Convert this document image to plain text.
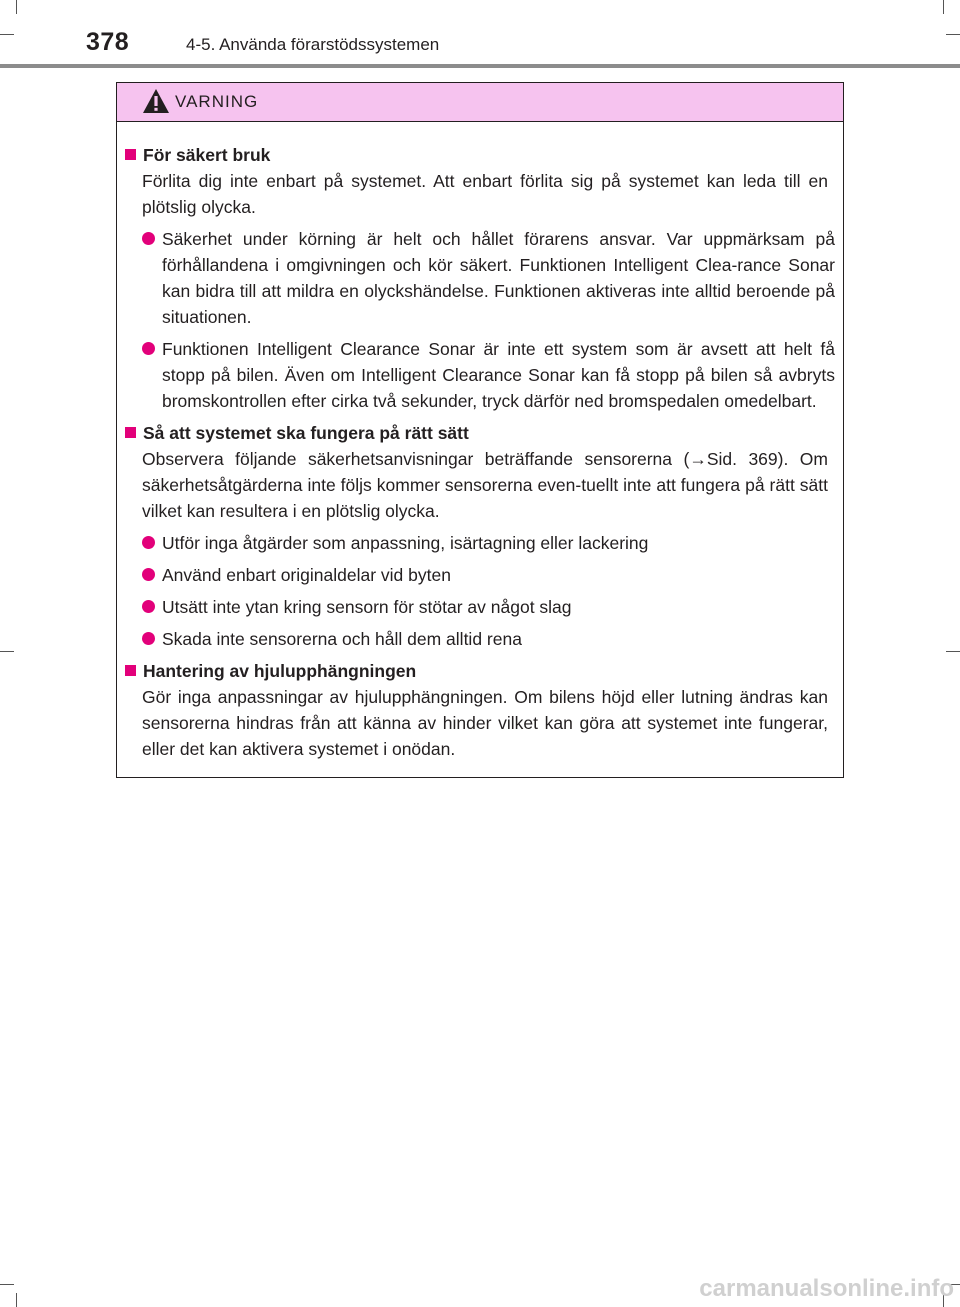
378	4-5. Använda förarstödssystemen
VARNING
För säkert bruk

Förlita dig inte enbart på systemet. Att enbart förlita sig på systemet kan leda till en plötslig olycka.

Säkerhet under körning är helt och hållet förarens ansvar. Var uppmärksam på förhållandena i omgivningen och kör säkert. Funktionen Intelligent Clea-rance Sonar kan bidra till att mildra en olyckshändelse. Funktionen aktiveras inte alltid beroende på situationen.

Funktionen Intelligent Clearance Sonar är inte ett system som är avsett att helt få stopp på bilen. Även om Intelligent Clearance Sonar kan få stopp på bilen så avbryts bromskontrollen efter cirka två sekunder, tryck därför ned bromspedalen omedelbart.

Så att systemet ska fungera på rätt sätt

Observera följande säkerhetsanvisningar beträffande sensorerna (→Sid. 369). Om säkerhetsåtgärderna inte följs kommer sensorerna even-tuellt inte att fungera på rätt sätt vilket kan resultera i en plötslig olycka.

Utför inga åtgärder som anpassning, isärtagning eller lackering

Använd enbart originaldelar vid byten

Utsätt inte ytan kring sensorn för stötar av något slag

Skada inte sensorerna och håll dem alltid rena

Hantering av hjulupphängningen

Gör inga anpassningar av hjulupphängningen. Om bilens höjd eller lutning ändras kan sensorerna hindras från att känna av hinder vilket kan göra att systemet inte fungerar, eller det kan aktivera systemet i onödan.

carmanualsonline.info
